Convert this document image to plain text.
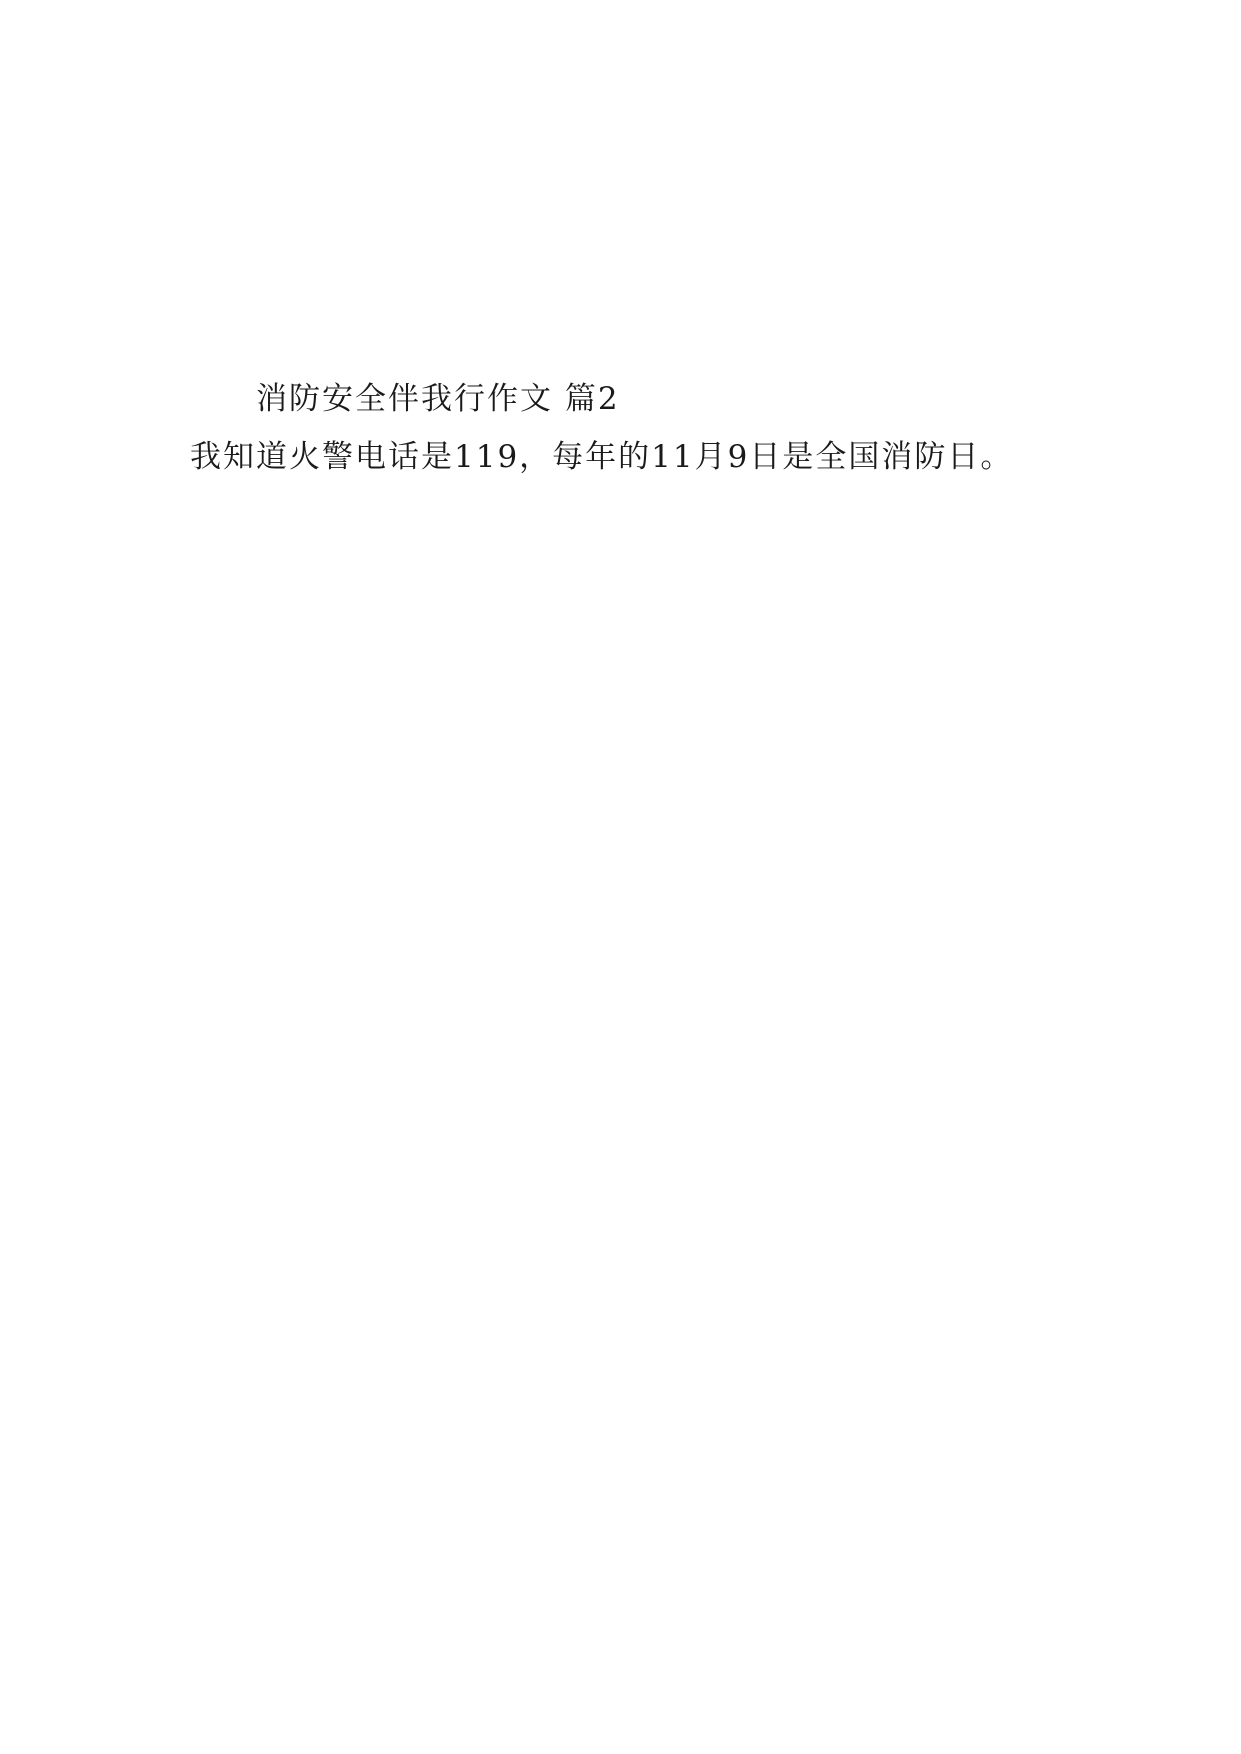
消防安全伴我行作文 篇2

我知道火警电话是119，每年的11月9日是全国消防日。
